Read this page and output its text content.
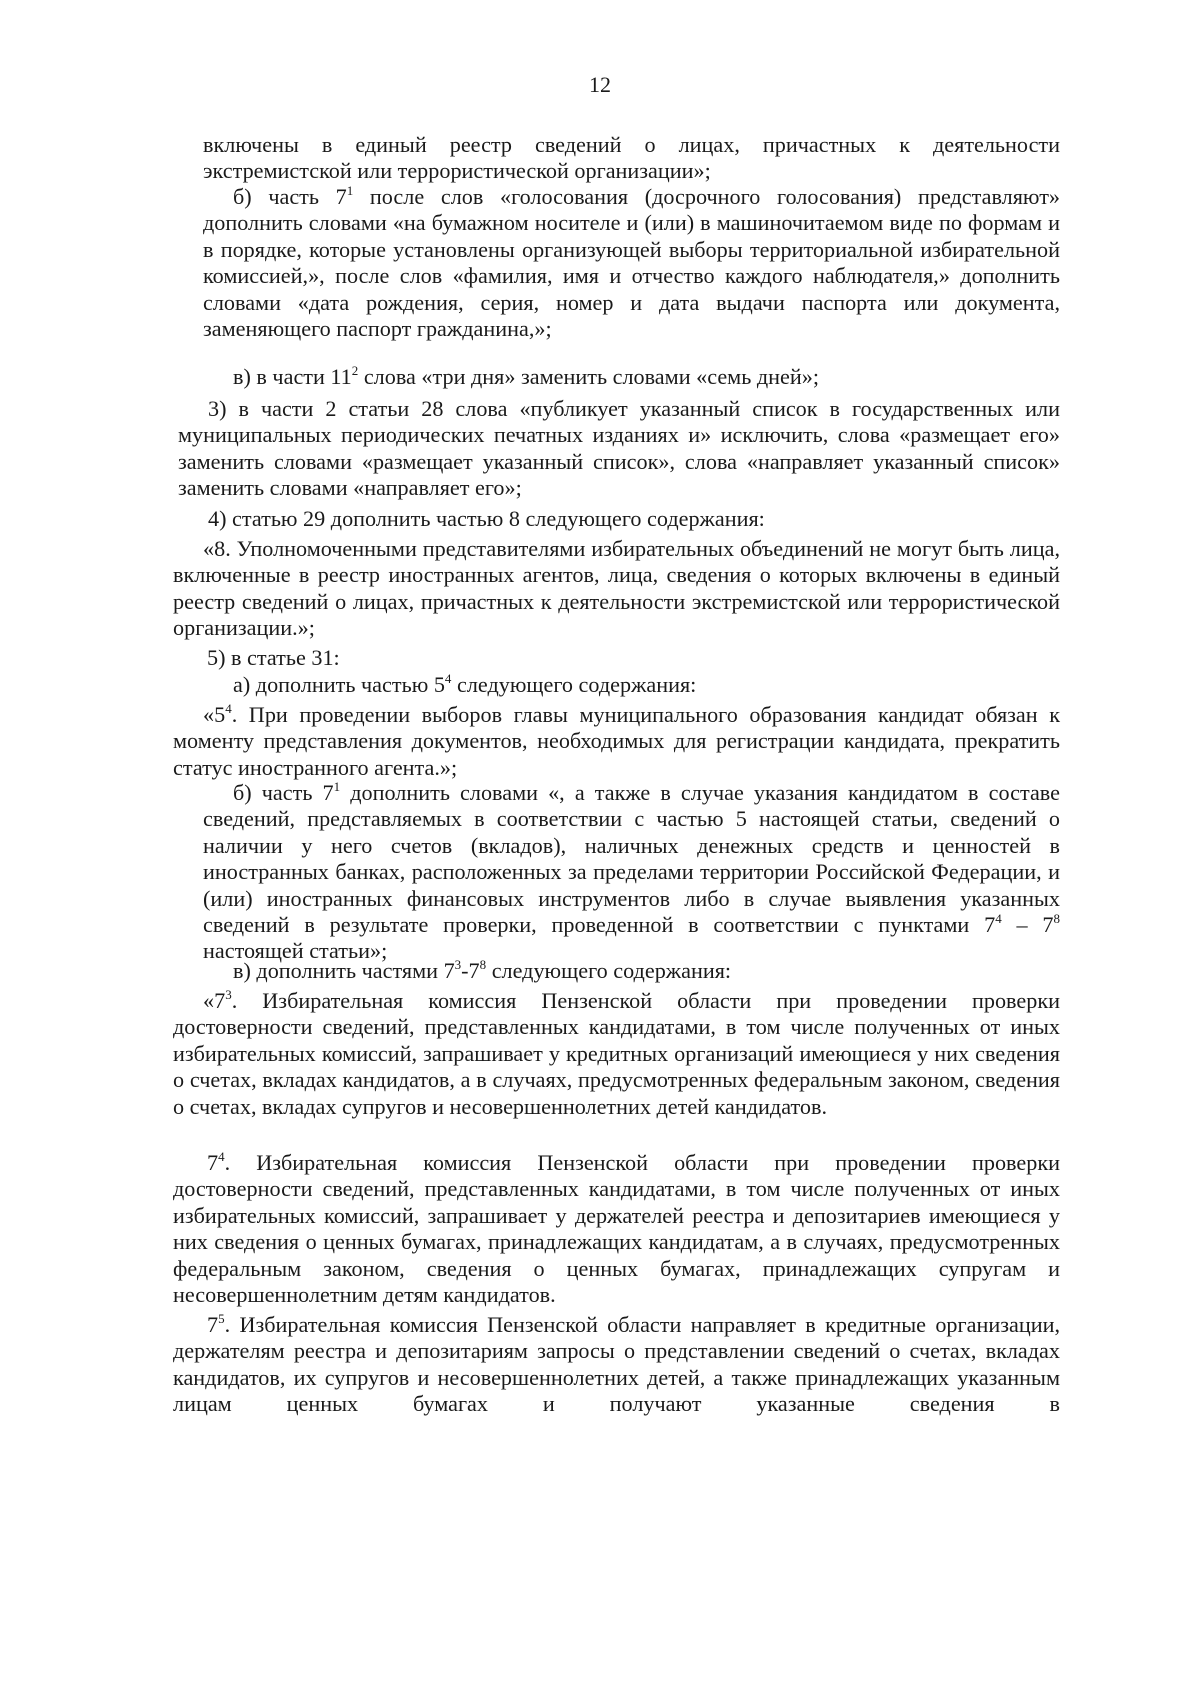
12
включены в единый реестр сведений о лицах, причастных к деятельности
экстремистской или террористической организации»;
б) часть $7^1$ после слов «голосования (досрочного голосования) представляют» дополнить словами «на бумажном носителе и (или) в машиночитаемом виде по формам и в порядке, которые установлены организующей выборы территориальной избирательной комиссией,», после слов «фамилия, имя и отчество каждого наблюдателя,» дополнить словами «дата рождения, серия, номер и дата выдачи паспорта или документа, заменяющего паспорт гражданина,»;
в) в части $11^2$ слова «три дня» заменить словами «семь дней»;
3) в части 2 статьи 28 слова «публикует указанный список в государственных или муниципальных периодических печатных изданиях и» исключить, слова «размещает его» заменить словами «размещает указанный список», слова «направляет указанный список» заменить словами «направляет его»;
4) статью 29 дополнить частью 8 следующего содержания:
«8. Уполномоченными представителями избирательных объединений не могут быть лица, включенные в реестр иностранных агентов, лица, сведения о которых включены в единый реестр сведений о лицах, причастных к деятельности экстремистской или террористической организации.»;
5) в статье 31:
а) дополнить частью $5^4$ следующего содержания:
«$5^4$. При проведении выборов главы муниципального образования кандидат обязан к моменту представления документов, необходимых для регистрации кандидата, прекратить статус иностранного агента.»;
б) часть $7^1$ дополнить словами «, а также в случае указания кандидатом в составе сведений, представляемых в соответствии с частью 5 настоящей статьи, сведений о наличии у него счетов (вкладов), наличных денежных средств и ценностей в иностранных банках, расположенных за пределами территории Российской Федерации, и (или) иностранных финансовых инструментов либо в случае выявления указанных сведений в результате проверки, проведенной в соответствии с пунктами $7^4 - 7^8$ настоящей статьи»;
в) дополнить частями $7^3-7^8$ следующего содержания:
«$7^3$. Избирательная комиссия Пензенской области при проведении проверки достоверности сведений, представленных кандидатами, в том числе полученных от иных избирательных комиссий, запрашивает у кредитных организаций имеющиеся у них сведения о счетах, вкладах кандидатов, а в случаях, предусмотренных федеральным законом, сведения о счетах, вкладах супругов и несовершеннолетних детей кандидатов.
$7^4$. Избирательная комиссия Пензенской области при проведении проверки достоверности сведений, представленных кандидатами, в том числе полученных от иных избирательных комиссий, запрашивает у держателей реестра и депозитариев имеющиеся у них сведения о ценных бумагах, принадлежащих кандидатам, а в случаях, предусмотренных федеральным законом, сведения о ценных бумагах, принадлежащих супругам и несовершеннолетним детям кандидатов.
$7^5$. Избирательная комиссия Пензенской области направляет в кредитные организации, держателям реестра и депозитариям запросы о представлении сведений о счетах, вкладах кандидатов, их супругов и несовершеннолетних детей, а также принадлежащих указанным лицам ценных бумагах и получают указанные сведения в
